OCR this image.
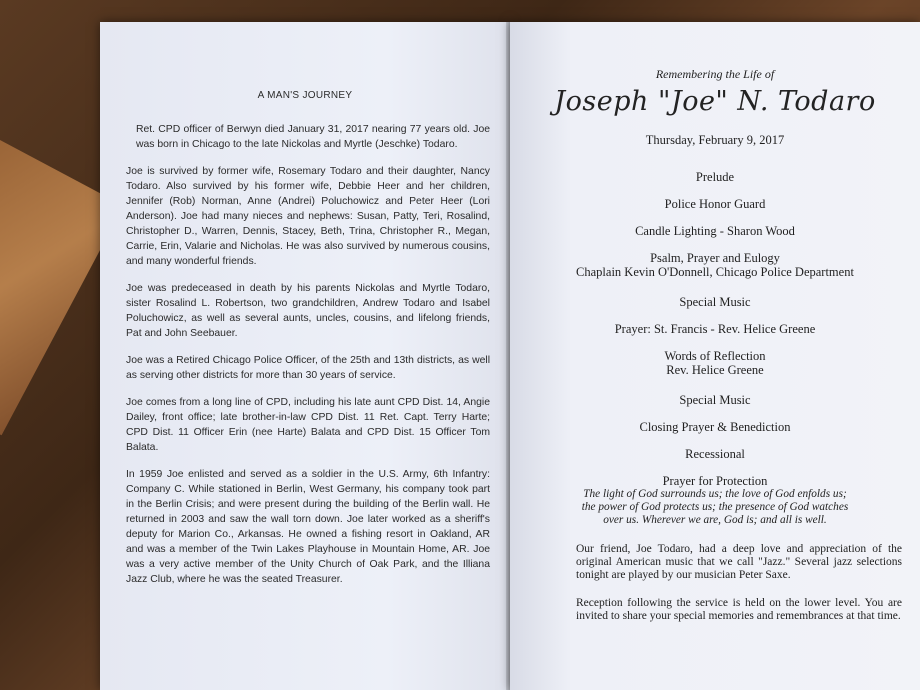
A MAN'S JOURNEY

Ret. CPD officer of Berwyn died January 31, 2017 nearing 77 years old. Joe was born in Chicago to the late Nickolas and Myrtle (Jeschke) Todaro.

Joe is survived by former wife, Rosemary Todaro and their daughter, Nancy Todaro. Also survived by his former wife, Debbie Heer and her children, Jennifer (Rob) Norman, Anne (Andrei) Poluchowicz and Peter Heer (Lori Anderson). Joe had many nieces and nephews: Susan, Patty, Teri, Rosalind, Christopher D., Warren, Dennis, Stacey, Beth, Trina, Christopher R., Megan, Carrie, Erin, Valarie and Nicholas. He was also survived by numerous cousins, and many wonderful friends.

Joe was predeceased in death by his parents Nickolas and Myrtle Todaro, sister Rosalind L. Robertson, two grandchildren, Andrew Todaro and Isabel Poluchowicz, as well as several aunts, uncles, cousins, and lifelong friends, Pat and John Seebauer.

Joe was a Retired Chicago Police Officer, of the 25th and 13th districts, as well as serving other districts for more than 30 years of service.

Joe comes from a long line of CPD, including his late aunt CPD Dist. 14, Angie Dailey, front office; late brother-in-law CPD Dist. 11 Ret. Capt. Terry Harte; CPD Dist. 11 Officer Erin (nee Harte) Balata and CPD Dist. 15 Officer Tom Balata.

In 1959 Joe enlisted and served as a soldier in the U.S. Army, 6th Infantry: Company C. While stationed in Berlin, West Germany, his company took part in the Berlin Crisis; and were present during the building of the Berlin wall. He returned in 2003 and saw the wall torn down. Joe later worked as a sheriff's deputy for Marion Co., Arkansas. He owned a fishing resort in Oakland, AR and was a member of the Twin Lakes Playhouse in Mountain Home, AR. Joe was a very active member of the Unity Church of Oak Park, and the Illiana Jazz Club, where he was the seated Treasurer.

Remembering the Life of
Joseph "Joe" N. Todaro
Thursday, February 9, 2017
Prelude
Police Honor Guard
Candle Lighting - Sharon Wood
Psalm, Prayer and Eulogy
Chaplain Kevin O'Donnell, Chicago Police Department
Special Music
Prayer: St. Francis - Rev. Helice Greene
Words of Reflection
Rev. Helice Greene
Special Music
Closing Prayer & Benediction
Recessional
Prayer for Protection
The light of God surrounds us; the love of God enfolds us;
the power of God protects us; the presence of God watches
over us. Wherever we are, God is; and all is well.

Our friend, Joe Todaro, had a deep love and appreciation of the original American music that we call "Jazz." Several jazz selections tonight are played by our musician Peter Saxe.

Reception following the service is held on the lower level. You are invited to share your special memories and remembrances at that time.
